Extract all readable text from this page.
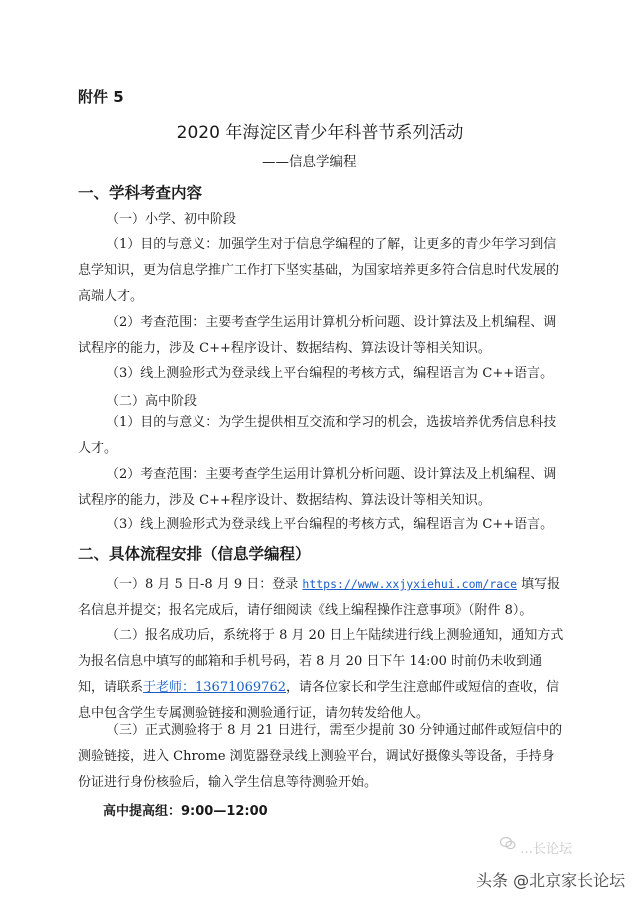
附件 5
2020 年海淀区青少年科普节系列活动
——信息学编程
一、学科考查内容
（一）小学、初中阶段
（1）目的与意义：加强学生对于信息学编程的了解，让更多的青少年学习到信息学知识，更为信息学推广工作打下坚实基础，为国家培养更多符合信息时代发展的高端人才。
（2）考查范围：主要考查学生运用计算机分析问题、设计算法及上机编程、调试程序的能力，涉及 C++程序设计、数据结构、算法设计等相关知识。
（3）线上测验形式为登录线上平台编程的考核方式，编程语言为 C++语言。
（二）高中阶段
（1）目的与意义：为学生提供相互交流和学习的机会，选拔培养优秀信息科技人才。
（2）考查范围：主要考查学生运用计算机分析问题、设计算法及上机编程、调试程序的能力，涉及 C++程序设计、数据结构、算法设计等相关知识。
（3）线上测验形式为登录线上平台编程的考核方式，编程语言为 C++语言。
二、具体流程安排（信息学编程）
（一）8 月 5 日-8 月 9 日：登录 https://www.xxjyxiehui.com/race 填写报名信息并提交；报名完成后，请仔细阅读《线上编程操作注意事项》（附件 8）。
（二）报名成功后，系统将于 8 月 20 日上午陆续进行线上测验通知，通知方式为报名信息中填写的邮箱和手机号码，若 8 月 20 日下午 14:00 时前仍未收到通知，请联系于老师：13671069762，请各位家长和学生注意邮件或短信的查收，信息中包含学生专属测验链接和测验通行证，请勿转发给他人。
（三）正式测验将于 8 月 21 日进行，需至少提前 30 分钟通过邮件或短信中的测验链接，进入 Chrome 浏览器登录线上测验平台，调试好摄像头等设备，手持身份证进行身份核验后，输入学生信息等待测验开始。
高中提高组：9:00—12:00
…长论坛
头条 @北京家长论坛
